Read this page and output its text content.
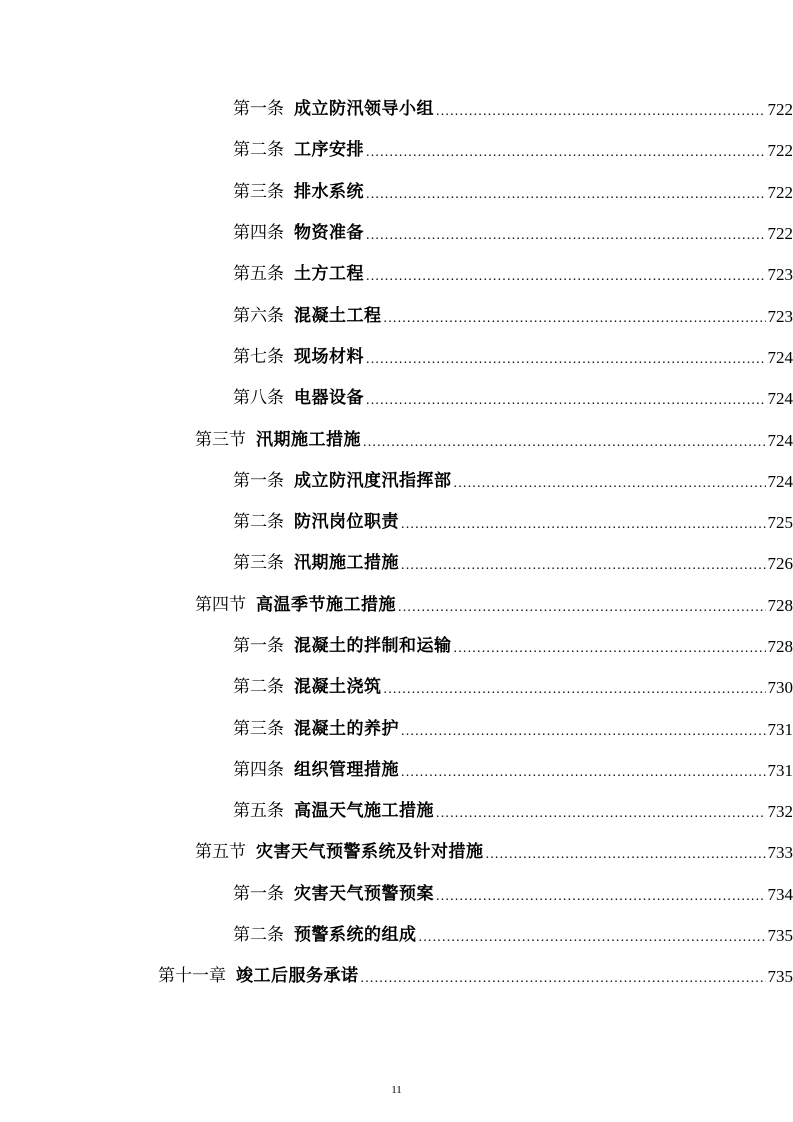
第一条 成立防汛领导小组 .....	722
第二条 工序安排 .....	722
第三条 排水系统 .....	722
第四条 物资准备 .....	722
第五条 土方工程 .....	723
第六条 混凝土工程 .....	723
第七条 现场材料 .....	724
第八条 电器设备 .....	724
第三节 汛期施工措施 .....	724
第一条 成立防汛度汛指挥部 .....	724
第二条 防汛岗位职责 .....	725
第三条 汛期施工措施 .....	726
第四节 高温季节施工措施 .....	728
第一条 混凝土的拌制和运输 .....	728
第二条 混凝土浇筑 .....	730
第三条 混凝土的养护 .....	731
第四条 组织管理措施 .....	731
第五条 高温天气施工措施 .....	732
第五节 灾害天气预警系统及针对措施 .....	733
第一条 灾害天气预警预案 .....	734
第二条 预警系统的组成 .....	735
第十一章 竣工后服务承诺 .....	735
11
